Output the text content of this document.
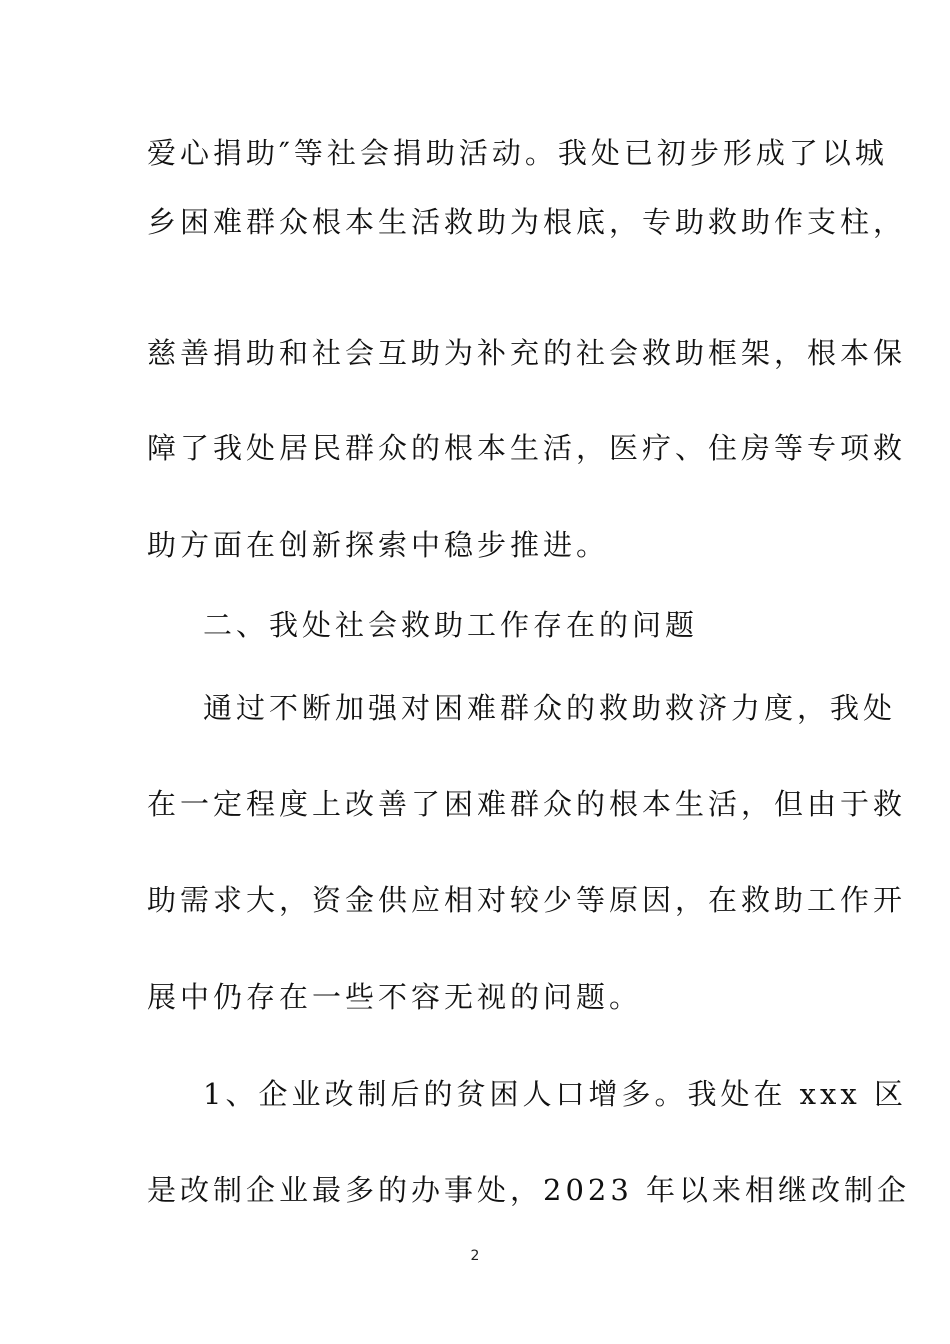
爱心捐助″等社会捐助活动。我处已初步形成了以城
乡困难群众根本生活救助为根底，专助救助作支柱，
慈善捐助和社会互助为补充的社会救助框架，根本保
障了我处居民群众的根本生活，医疗、住房等专项救
助方面在创新探索中稳步推进。
二、我处社会救助工作存在的问题
通过不断加强对困难群众的救助救济力度，我处
在一定程度上改善了困难群众的根本生活，但由于救
助需求大，资金供应相对较少等原因，在救助工作开
展中仍存在一些不容无视的问题。
1、企业改制后的贫困人口增多。我处在 xxx 区
是改制企业最多的办事处，2023 年以来相继改制企
2
